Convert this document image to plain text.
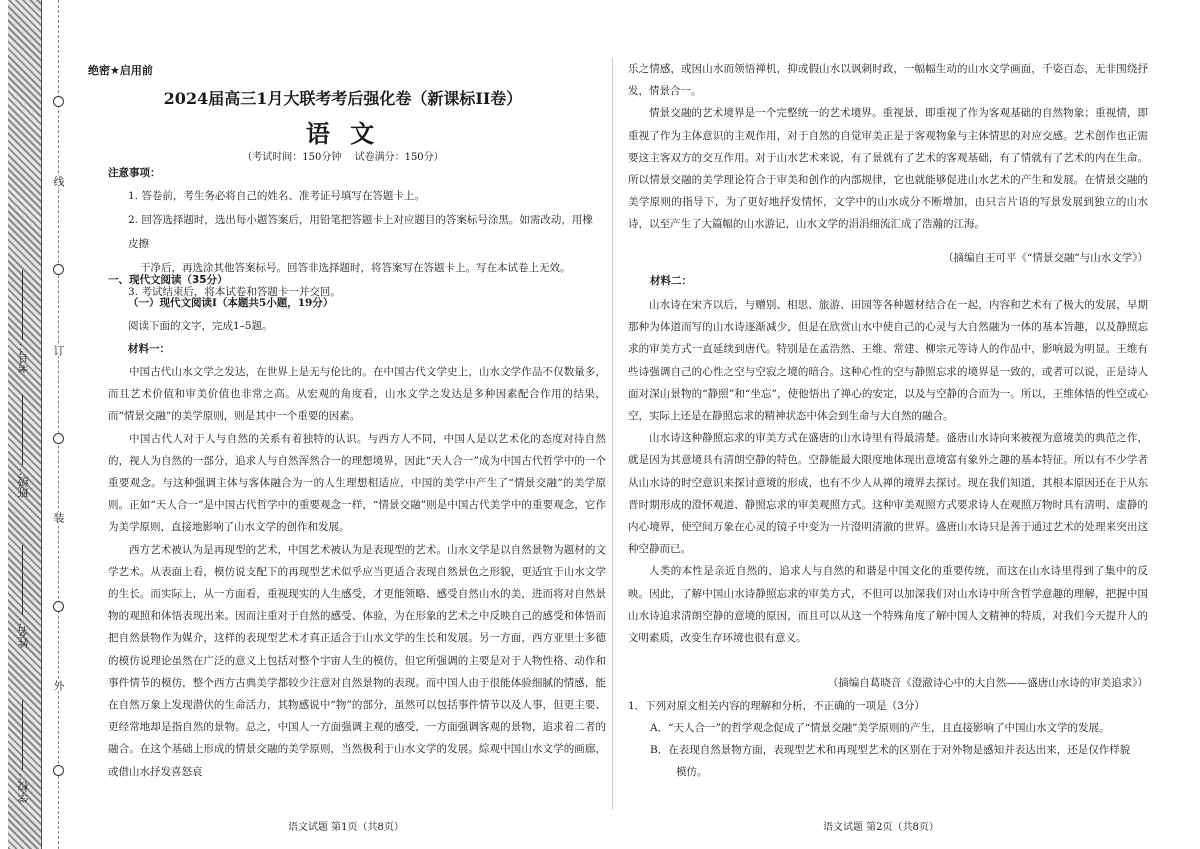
学校：
姓名：
班级：
考号：
线
订
装
外
绝密★启用前
2024届高三1月大联考考后强化卷（新课标II卷）
语 文
（考试时间：150分钟　 试卷满分：150分）
注意事项：
1. 答卷前，考生务必将自己的姓名、准考证号填写在答题卡上。
2. 回答选择题时，选出每小题答案后，用铅笔把答题卡上对应题目的答案标号涂黑。如需改动，用橡皮擦
干净后，再选涂其他答案标号。回答非选择题时，将答案写在答题卡上。写在本试卷上无效。
3. 考试结束后，将本试卷和答题卡一并交回。
一、现代文阅读（35分）
（一）现代文阅读Ⅰ（本题共5小题，19分）
阅读下面的文字，完成1–5题。
材料一：

中国古代山水文学之发达，在世界上是无与伦比的。在中国古代文学史上，山水文学作品不仅数量多，而且艺术价值和审美价值也非常之高。从宏观的角度看，山水文学之发达是多种因素配合作用的结果，而“情景交融”的美学原则，则是其中一个重要的因素。

中国古代人对于人与自然的关系有着独特的认识。与西方人不同，中国人是以艺术化的态度对待自然的，视人为自然的一部分，追求人与自然浑然合一的理想境界，因此“天人合一”成为中国古代哲学中的一个重要观念。与这种强调主体与客体融合为一的人生理想相适应，中国的美学中产生了“情景交融”的美学原则。正如“天人合一”是中国古代哲学中的重要观念一样，“情景交融”则是中国古代美学中的重要观念，它作为美学原则，直接地影响了山水文学的创作和发展。

西方艺术被认为是再现型的艺术，中国艺术被认为是表现型的艺术。山水文学是以自然景物为题材的文学艺术。从表面上看，模仿说支配下的再现型艺术似乎应当更适合表现自然景色之形貌，更适宜于山水文学的生长。而实际上，从一方面看，重视现实的人生感受，才更能领略、感受自然山水的美，进而将对自然景物的观照和体悟表现出来。因而注重对于自然的感受、体验，为在形象的艺术之中反映自己的感受和体悟而把自然景物作为媒介，这样的表现型艺术才真正适合于山水文学的生长和发展。另一方面，西方亚里士多德的模仿说理论虽然在广泛的意义上包括对整个宇宙人生的模仿，但它所强调的主要是对于人物性格、动作和事件情节的模仿，整个西方古典美学都较少注意对自然景物的表现。而中国人由于很能体验细腻的情感，能在自然万象上发现潜伏的生命活力，其物感说中“物”的部分，虽然可以包括事件情节以及人事，但更主要、更经常地却是指自然的景物。总之，中国人一方面强调主观的感受，一方面强调客观的景物，追求着二者的融合。在这个基础上形成的情景交融的美学原则，当然极利于山水文学的发展。綜观中国山水文学的画廊，或借山水抒发喜怒哀

语文试题 第1页（共8页）

乐之情感，或因山水而领悟禅机，抑或假山水以讽刺时政，一幅幅生动的山水文学画面，千姿百态，无非围绕抒发，情景合一。

情景交融的艺术境界是一个完整统一的艺术境界。重视景，即重视了作为客观基础的自然物象；重视情，即重视了作为主体意识的主观作用，对于自然的自觉审美正是于客观物象与主体情思的对应交感。艺术创作也正需要这主客双方的交互作用。对于山水艺术来说，有了景就有了艺术的客观基础，有了情就有了艺术的内在生命。所以情景交融的美学理论符合于审美和创作的内部规律，它也就能够促进山水艺术的产生和发展。在情景交融的美学原则的指导下，为了更好地抒发情怀，文学中的山水成分不断增加，由只言片语的写景发展到独立的山水诗，以至产生了大篇幅的山水游记，山水文学的涓涓细流汇成了浩瀚的江海。

（摘编自王可平《“情景交融”与山水文学》）
材料二：

山水诗在宋齐以后，与赠别、相思、旅游、田园等各种题材结合在一起，内容和艺术有了极大的发展，早期那种为体道而写的山水诗逐渐减少，但是在欣赏山水中使自己的心灵与大自然融为一体的基本旨趣，以及静照忘求的审美方式一直延续到唐代。特别是在孟浩然、王维、常建、柳宗元等诗人的作品中，影响最为明显。王维有些诗强调自己的心性之空与空寂之境的暗合。这种心性的空与静照忘求的境界是一致的，或者可以说，正是诗人面对深山景物的“静照”和“坐忘”，使他悟出了禅心的安定，以及与空静的合而为一。所以，王维体悟的性空或心空，实际上还是在静照忘求的精神状态中体会到生命与大自然的融合。

山水诗这种静照忘求的审美方式在盛唐的山水诗里有得最清楚。盛唐山水诗向来被视为意境美的典范之作，就是因为其意境具有清朗空静的特色。空静能最大限度地体现出意境富有象外之趣的基本特征。所以有不少学者从山水诗的时空意识来探讨意境的形成，也有不少人从禅的境界去探讨。现在我们知道，其根本原因还在于从东晋时期形成的澄怀观道、静照忘求的审美观照方式。这种审美观照方式要求诗人在观照万物时具有清明、虚静的内心境界，使空间万象在心灵的镜子中变为一片澄明清澈的世界。盛唐山水诗只是善于通过艺术的处理来突出这种空静而已。

人类的本性是亲近自然的，追求人与自然的和谐是中国文化的重要传统，而这在山水诗里得到了集中的反映。因此，了解中国山水诗静照忘求的审美方式，不但可以加深我们对山水诗中所含哲学意趣的理解，把握中国山水诗追求清朗空静的意境的原因，而且可以从这一个特殊角度了解中国人文精神的特质，对我们今天提升人的文明素质，改变生存环境也很有意义。

（摘编自葛晓音《澄澈诗心中的大自然——盛唐山水诗的审美追求》）
1．下列对原文相关内容的理解和分析，不正确的一项是（3分）
A．“天人合一”的哲学观念促成了“情景交融”美学原则的产生，且直接影响了中国山水文学的发展。
B．在表现自然景物方面，表现型艺术和再现型艺术的区别在于对外物是感知并表达出来，还是仅作样貌
模仿。
语文试题 第2页（共8页）
